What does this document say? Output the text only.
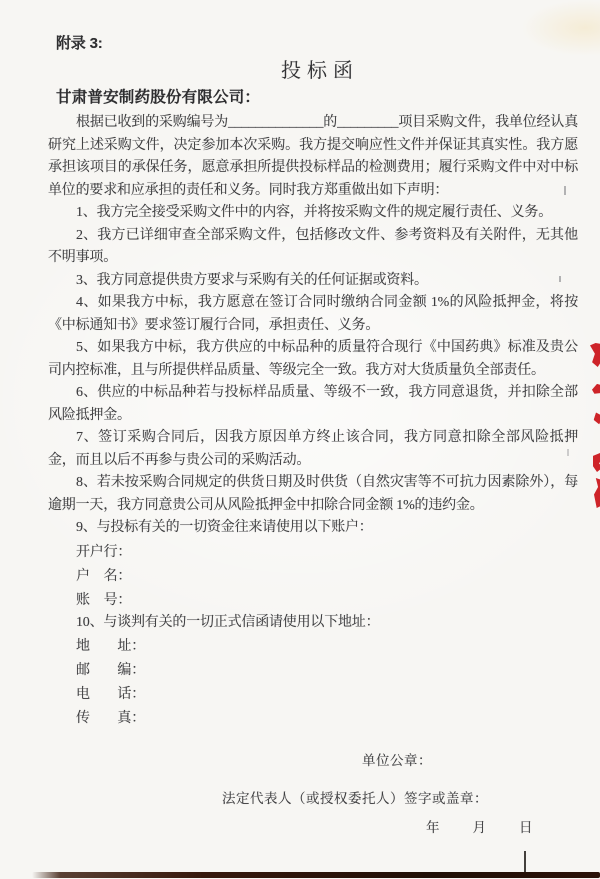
附录 3:
投标函
甘肃普安制药股份有限公司：

根据已收到的采购编号为______________的_________项目采购文件，我单位经认真研究上述采购文件，决定参加本次采购。我方提交响应性文件并保证其真实性。我方愿承担该项目的承保任务，愿意承担所提供投标样品的检测费用；履行采购文件中对中标单位的要求和应承担的责任和义务。同时我方郑重做出如下声明：

1、我方完全接受采购文件中的内容，并将按采购文件的规定履行责任、义务。

2、我方已详细审查全部采购文件，包括修改文件、参考资料及有关附件，无其他不明事项。

3、我方同意提供贵方要求与采购有关的任何证据或资料。

4、如果我方中标，我方愿意在签订合同时缴纳合同金额 1%的风险抵押金，将按《中标通知书》要求签订履行合同，承担责任、义务。

5、如果我方中标，我方供应的中标品种的质量符合现行《中国药典》标准及贵公司内控标准，且与所提供样品质量、等级完全一致。我方对大货质量负全部责任。

6、供应的中标品种若与投标样品质量、等级不一致，我方同意退货，并扣除全部风险抵押金。

7、签订采购合同后，因我方原因单方终止该合同，我方同意扣除全部风险抵押金，而且以后不再参与贵公司的采购活动。

8、若未按采购合同规定的供货日期及时供货（自然灾害等不可抗力因素除外），每逾期一天，我方同意贵公司从风险抵押金中扣除合同金额 1%的违约金。

9、与投标有关的一切资金往来请使用以下账户：

开户行：
户　名：
账　号：

10、与谈判有关的一切正式信函请使用以下地址：

地　　址：
邮　　编：
电　　话：
传　　真：
单位公章：
法定代表人（或授权委托人）签字或盖章：
年　　月　　日
